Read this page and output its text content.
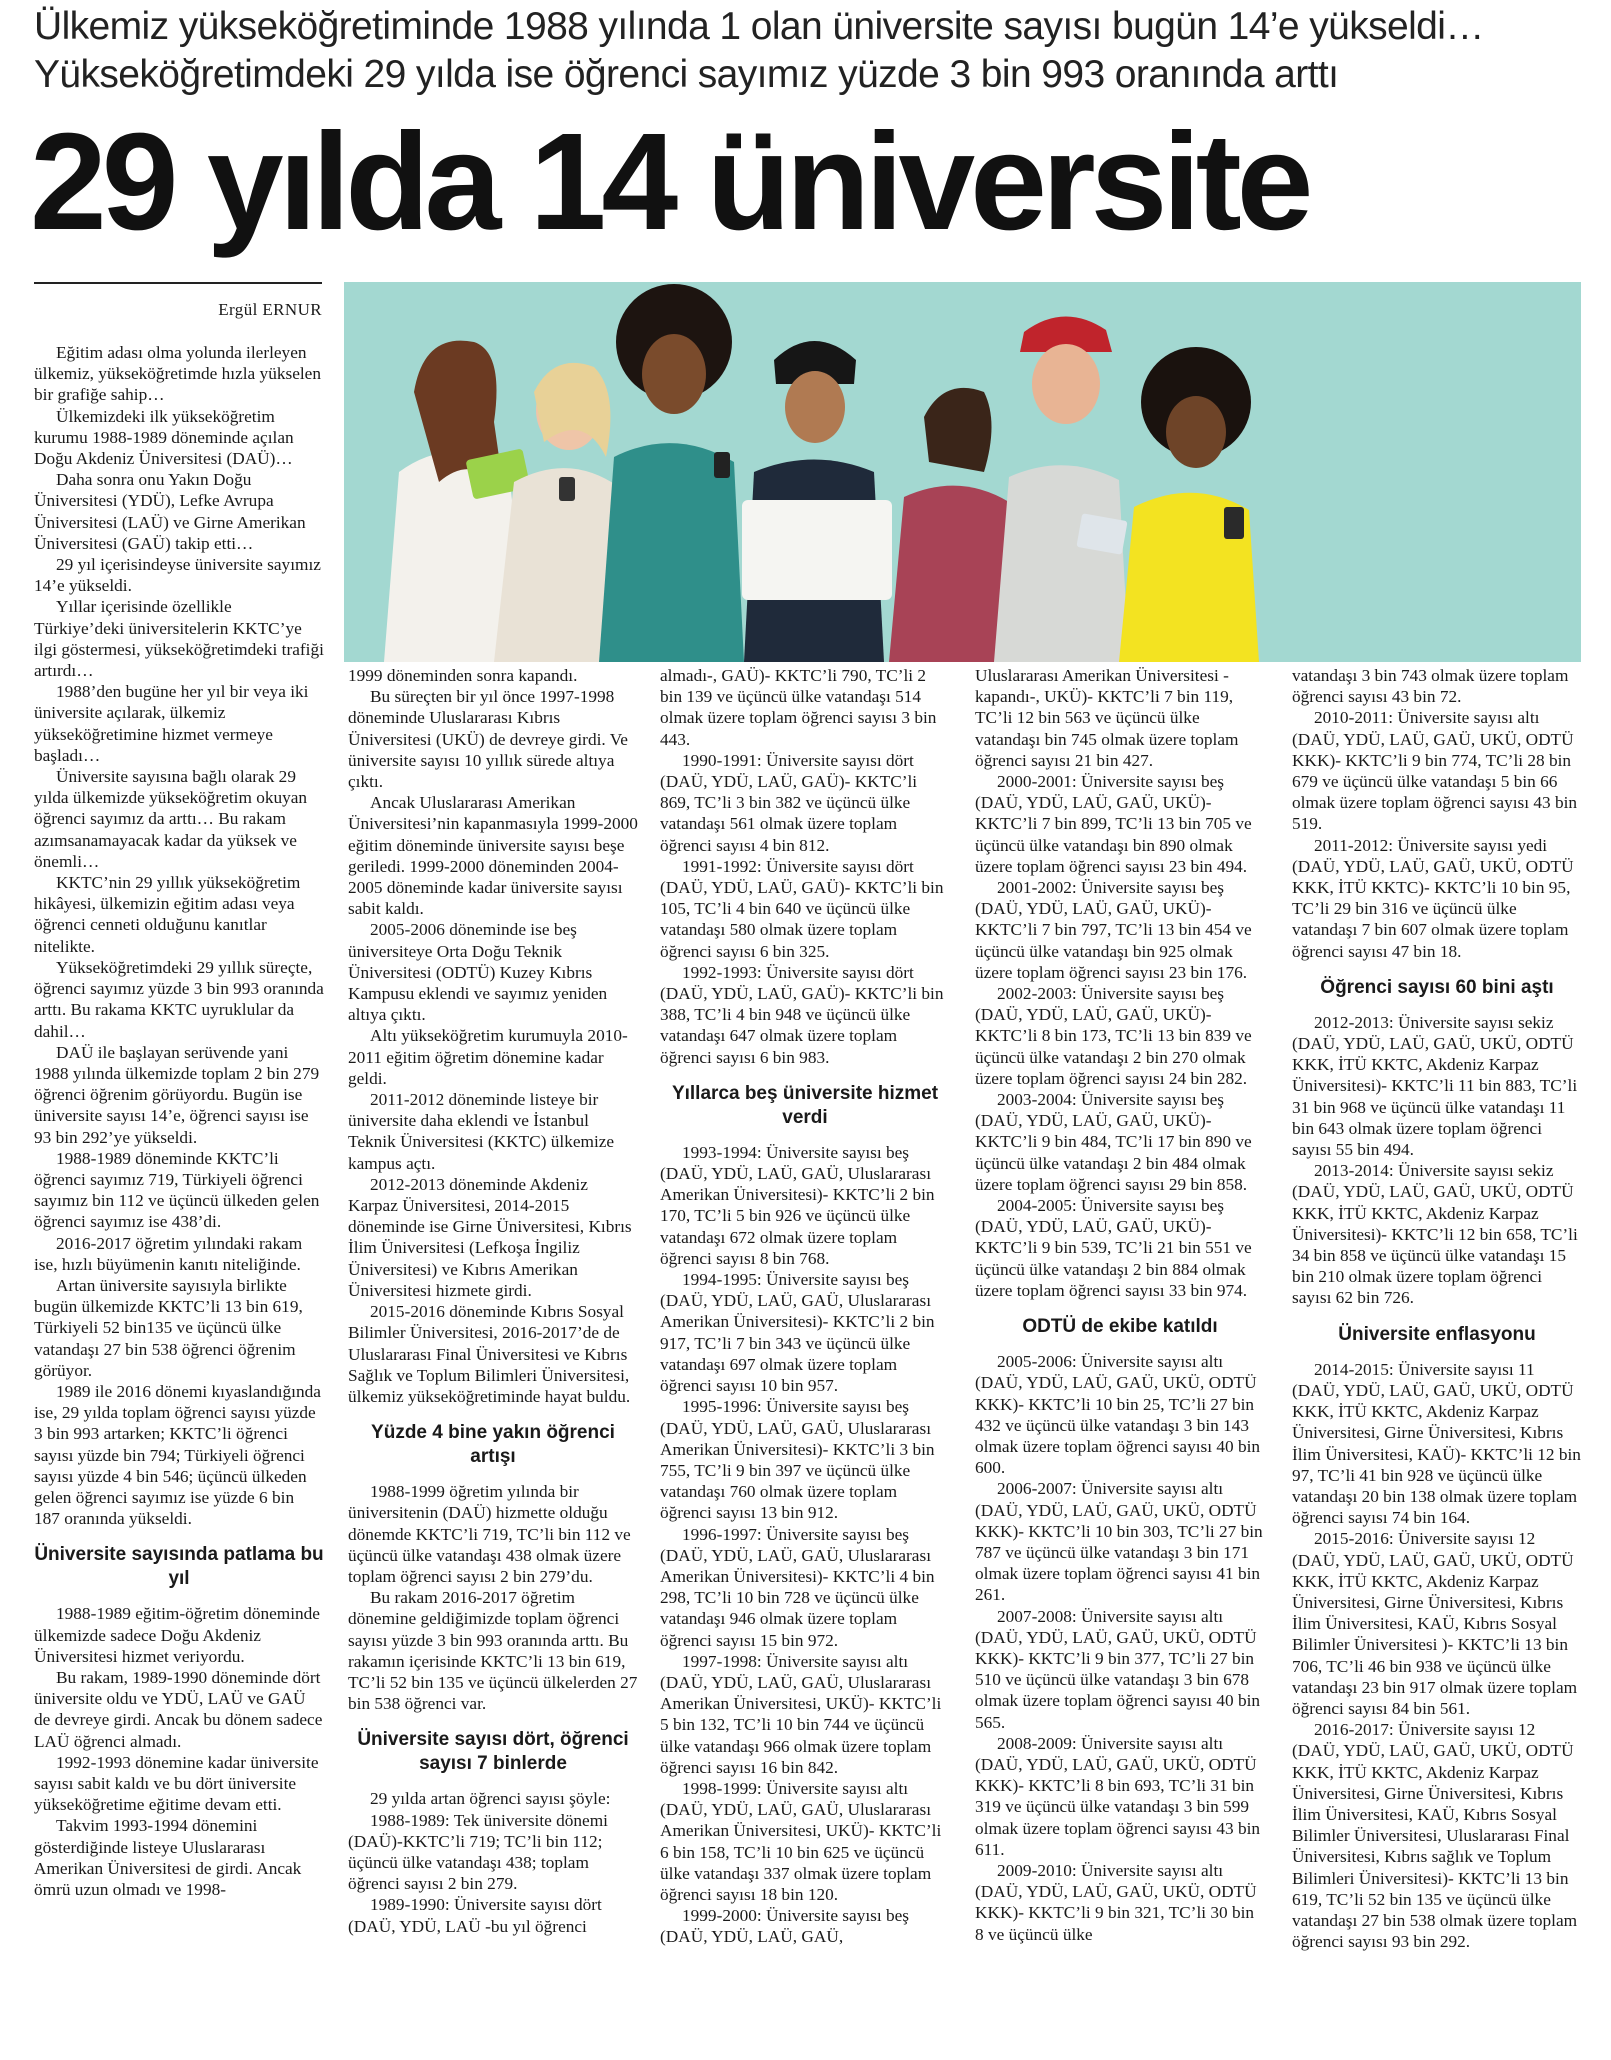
Ülkemiz yükseköğretiminde 1988 yılında 1 olan üniversite sayısı bugün 14’e yükseldi…
Yükseköğretimdeki 29 yılda ise öğrenci sayımız yüzde 3 bin 993 oranında arttı
29 yılda 14 üniversite
Ergül ERNUR

Eğitim adası olma yolunda ilerleyen ülkemiz, yükseköğretimde hızla yükselen bir grafiğe sahip…

Ülkemizdeki ilk yükseköğretim kurumu 1988-1989 döneminde açılan Doğu Akdeniz Üniversitesi (DAÜ)…

Daha sonra onu Yakın Doğu Üniversitesi (YDÜ), Lefke Avrupa Üniversitesi (LAÜ) ve Girne Amerikan Üniversitesi (GAÜ) takip etti…

29 yıl içerisindeyse üniversite sayımız 14’e yükseldi.

Yıllar içerisinde özellikle Türkiye’deki üniversitelerin KKTC’ye ilgi göstermesi, yükseköğretimdeki trafiği artırdı…

1988’den bugüne her yıl bir veya iki üniversite açılarak, ülkemiz yükseköğretimine hizmet vermeye başladı…

Üniversite sayısına bağlı olarak 29 yılda ülkemizde yükseköğretim okuyan öğrenci sayımız da arttı… Bu rakam azımsanamayacak kadar da yüksek ve önemli…

KKTC’nin 29 yıllık yükseköğretim hikâyesi, ülkemizin eğitim adası veya öğrenci cenneti olduğunu kanıtlar nitelikte.

Yükseköğretimdeki 29 yıllık süreçte, öğrenci sayımız yüzde 3 bin 993 oranında arttı. Bu rakama KKTC uyruklular da dahil…

DAÜ ile başlayan serüvende yani 1988 yılında ülkemizde toplam 2 bin 279 öğrenci öğrenim görüyordu. Bugün ise üniversite sayısı 14’e, öğrenci sayısı ise 93 bin 292’ye yükseldi.

1988-1989 döneminde KKTC’li öğrenci sayımız 719, Türkiyeli öğrenci sayımız bin 112 ve üçüncü ülkeden gelen öğrenci sayımız ise 438’di.

2016-2017 öğretim yılındaki rakam ise, hızlı büyümenin kanıtı niteliğinde.

Artan üniversite sayısıyla birlikte bugün ülkemizde KKTC’li 13 bin 619, Türkiyeli 52 bin135 ve üçüncü ülke vatandaşı 27 bin 538 öğrenci öğrenim görüyor.

1989 ile 2016 dönemi kıyaslandığında ise, 29 yılda toplam öğrenci sayısı yüzde 3 bin 993 artarken; KKTC’li öğrenci sayısı yüzde bin 794; Türkiyeli öğrenci sayısı yüzde 4 bin 546; üçüncü ülkeden gelen öğrenci sayımız ise yüzde 6 bin 187 oranında yükseldi.

Üniversite sayısında patlama bu yıl

1988-1989 eğitim-öğretim döneminde ülkemizde sadece Doğu Akdeniz Üniversitesi hizmet veriyordu.

Bu rakam, 1989-1990 döneminde dört üniversite oldu ve YDÜ, LAÜ ve GAÜ de devreye girdi. Ancak bu dönem sadece LAÜ öğrenci almadı.

1992-1993 dönemine kadar üniversite sayısı sabit kaldı ve bu dört üniversite yükseköğretime eğitime devam etti.

Takvim 1993-1994 dönemini gösterdiğinde listeye Uluslararası Amerikan Üniversitesi de girdi. Ancak ömrü uzun olmadı ve 1998-

1999 döneminden sonra kapandı.

Bu süreçten bir yıl önce 1997-1998 döneminde Uluslararası Kıbrıs Üniversitesi (UKÜ) de devreye girdi. Ve üniversite sayısı 10 yıllık sürede altıya çıktı.

Ancak Uluslararası Amerikan Üniversitesi’nin kapanmasıyla 1999-2000 eğitim döneminde üniversite sayısı beşe geriledi. 1999-2000 döneminden 2004-2005 döneminde kadar üniversite sayısı sabit kaldı.

2005-2006 döneminde ise beş üniversiteye Orta Doğu Teknik Üniversitesi (ODTÜ) Kuzey Kıbrıs Kampusu eklendi ve sayımız yeniden altıya çıktı.

Altı yükseköğretim kurumuyla 2010-2011 eğitim öğretim dönemine kadar geldi.

2011-2012 döneminde listeye bir üniversite daha eklendi ve İstanbul Teknik Üniversitesi (KKTC) ülkemize kampus açtı.

2012-2013 döneminde Akdeniz Karpaz Üniversitesi, 2014-2015 döneminde ise Girne Üniversitesi, Kıbrıs İlim Üniversitesi (Lefkoşa İngiliz Üniversitesi) ve Kıbrıs Amerikan Üniversitesi hizmete girdi.

2015-2016 döneminde Kıbrıs Sosyal Bilimler Üniversitesi, 2016-2017’de de Uluslararası Final Üniversitesi ve Kıbrıs Sağlık ve Toplum Bilimleri Üniversitesi, ülkemiz yükseköğretiminde hayat buldu.

Yüzde 4 bine yakın öğrenci artışı

1988-1999 öğretim yılında bir üniversitenin (DAÜ) hizmette olduğu dönemde KKTC’li 719, TC’li bin 112 ve üçüncü ülke vatandaşı 438 olmak üzere toplam öğrenci sayısı 2 bin 279’du.

Bu rakam 2016-2017 öğretim dönemine geldiğimizde toplam öğrenci sayısı yüzde 3 bin 993 oranında arttı. Bu rakamın içerisinde KKTC’li 13 bin 619, TC’li 52 bin 135 ve üçüncü ülkelerden 27 bin 538 öğrenci var.

Üniversite sayısı dört, öğrenci sayısı 7 binlerde

29 yılda artan öğrenci sayısı şöyle:

1988-1989: Tek üniversite dönemi (DAÜ)-KKTC’li 719; TC’li bin 112; üçüncü ülke vatandaşı 438; toplam öğrenci sayısı 2 bin 279.

1989-1990: Üniversite sayısı dört (DAÜ, YDÜ, LAÜ -bu yıl öğrenci

almadı-, GAÜ)- KKTC’li 790, TC’li 2 bin 139 ve üçüncü ülke vatandaşı 514 olmak üzere toplam öğrenci sayısı 3 bin 443.

1990-1991: Üniversite sayısı dört (DAÜ, YDÜ, LAÜ, GAÜ)- KKTC’li 869, TC’li 3 bin 382 ve üçüncü ülke vatandaşı 561 olmak üzere toplam öğrenci sayısı 4 bin 812.

1991-1992: Üniversite sayısı dört (DAÜ, YDÜ, LAÜ, GAÜ)- KKTC’li bin 105, TC’li 4 bin 640 ve üçüncü ülke vatandaşı 580 olmak üzere toplam öğrenci sayısı 6 bin 325.

1992-1993: Üniversite sayısı dört (DAÜ, YDÜ, LAÜ, GAÜ)- KKTC’li bin 388, TC’li 4 bin 948 ve üçüncü ülke vatandaşı 647 olmak üzere toplam öğrenci sayısı 6 bin 983.

Yıllarca beş üniversite hizmet verdi

1993-1994: Üniversite sayısı beş (DAÜ, YDÜ, LAÜ, GAÜ, Uluslararası Amerikan Üniversitesi)- KKTC’li 2 bin 170, TC’li 5 bin 926 ve üçüncü ülke vatandaşı 672 olmak üzere toplam öğrenci sayısı 8 bin 768.

1994-1995: Üniversite sayısı beş (DAÜ, YDÜ, LAÜ, GAÜ, Uluslararası Amerikan Üniversitesi)- KKTC’li 2 bin 917, TC’li 7 bin 343 ve üçüncü ülke vatandaşı 697 olmak üzere toplam öğrenci sayısı 10 bin 957.

1995-1996: Üniversite sayısı beş (DAÜ, YDÜ, LAÜ, GAÜ, Uluslararası Amerikan Üniversitesi)- KKTC’li 3 bin 755, TC’li 9 bin 397 ve üçüncü ülke vatandaşı 760 olmak üzere toplam öğrenci sayısı 13 bin 912.

1996-1997: Üniversite sayısı beş (DAÜ, YDÜ, LAÜ, GAÜ, Uluslararası Amerikan Üniversitesi)- KKTC’li 4 bin 298, TC’li 10 bin 728 ve üçüncü ülke vatandaşı 946 olmak üzere toplam öğrenci sayısı 15 bin 972.

1997-1998: Üniversite sayısı altı (DAÜ, YDÜ, LAÜ, GAÜ, Uluslararası Amerikan Üniversitesi, UKÜ)- KKTC’li 5 bin 132, TC’li 10 bin 744 ve üçüncü ülke vatandaşı 966 olmak üzere toplam öğrenci sayısı 16 bin 842.

1998-1999: Üniversite sayısı altı (DAÜ, YDÜ, LAÜ, GAÜ, Uluslararası Amerikan Üniversitesi, UKÜ)- KKTC’li 6 bin 158, TC’li 10 bin 625 ve üçüncü ülke vatandaşı 337 olmak üzere toplam öğrenci sayısı 18 bin 120.

1999-2000: Üniversite sayısı beş (DAÜ, YDÜ, LAÜ, GAÜ,

Uluslararası Amerikan Üniversitesi -kapandı-, UKÜ)- KKTC’li 7 bin 119, TC’li 12 bin 563 ve üçüncü ülke vatandaşı bin 745 olmak üzere toplam öğrenci sayısı 21 bin 427.

2000-2001: Üniversite sayısı beş (DAÜ, YDÜ, LAÜ, GAÜ, UKÜ)- KKTC’li 7 bin 899, TC’li 13 bin 705 ve üçüncü ülke vatandaşı bin 890 olmak üzere toplam öğrenci sayısı 23 bin 494.

2001-2002: Üniversite sayısı beş (DAÜ, YDÜ, LAÜ, GAÜ, UKÜ)- KKTC’li 7 bin 797, TC’li 13 bin 454 ve üçüncü ülke vatandaşı bin 925 olmak üzere toplam öğrenci sayısı 23 bin 176.

2002-2003: Üniversite sayısı beş (DAÜ, YDÜ, LAÜ, GAÜ, UKÜ)- KKTC’li 8 bin 173, TC’li 13 bin 839 ve üçüncü ülke vatandaşı 2 bin 270 olmak üzere toplam öğrenci sayısı 24 bin 282.

2003-2004: Üniversite sayısı beş (DAÜ, YDÜ, LAÜ, GAÜ, UKÜ)- KKTC’li 9 bin 484, TC’li 17 bin 890 ve üçüncü ülke vatandaşı 2 bin 484 olmak üzere toplam öğrenci sayısı 29 bin 858.

2004-2005: Üniversite sayısı beş (DAÜ, YDÜ, LAÜ, GAÜ, UKÜ)- KKTC’li 9 bin 539, TC’li 21 bin 551 ve üçüncü ülke vatandaşı 2 bin 884 olmak üzere toplam öğrenci sayısı 33 bin 974.

ODTÜ de ekibe katıldı

2005-2006: Üniversite sayısı altı (DAÜ, YDÜ, LAÜ, GAÜ, UKÜ, ODTÜ KKK)- KKTC’li 10 bin 25, TC’li 27 bin 432 ve üçüncü ülke vatandaşı 3 bin 143 olmak üzere toplam öğrenci sayısı 40 bin 600.

2006-2007: Üniversite sayısı altı (DAÜ, YDÜ, LAÜ, GAÜ, UKÜ, ODTÜ KKK)- KKTC’li 10 bin 303, TC’li 27 bin 787 ve üçüncü ülke vatandaşı 3 bin 171 olmak üzere toplam öğrenci sayısı 41 bin 261.

2007-2008: Üniversite sayısı altı (DAÜ, YDÜ, LAÜ, GAÜ, UKÜ, ODTÜ KKK)- KKTC’li 9 bin 377, TC’li 27 bin 510 ve üçüncü ülke vatandaşı 3 bin 678 olmak üzere toplam öğrenci sayısı 40 bin 565.

2008-2009: Üniversite sayısı altı (DAÜ, YDÜ, LAÜ, GAÜ, UKÜ, ODTÜ KKK)- KKTC’li 8 bin 693, TC’li 31 bin 319 ve üçüncü ülke vatandaşı 3 bin 599 olmak üzere toplam öğrenci sayısı 43 bin 611.

2009-2010: Üniversite sayısı altı (DAÜ, YDÜ, LAÜ, GAÜ, UKÜ, ODTÜ KKK)- KKTC’li 9 bin 321, TC’li 30 bin 8 ve üçüncü ülke

vatandaşı 3 bin 743 olmak üzere toplam öğrenci sayısı 43 bin 72.

2010-2011: Üniversite sayısı altı (DAÜ, YDÜ, LAÜ, GAÜ, UKÜ, ODTÜ KKK)- KKTC’li 9 bin 774, TC’li 28 bin 679 ve üçüncü ülke vatandaşı 5 bin 66 olmak üzere toplam öğrenci sayısı 43 bin 519.

2011-2012: Üniversite sayısı yedi (DAÜ, YDÜ, LAÜ, GAÜ, UKÜ, ODTÜ KKK, İTÜ KKTC)- KKTC’li 10 bin 95, TC’li 29 bin 316 ve üçüncü ülke vatandaşı 7 bin 607 olmak üzere toplam öğrenci sayısı 47 bin 18.

Öğrenci sayısı 60 bini aştı

2012-2013: Üniversite sayısı sekiz (DAÜ, YDÜ, LAÜ, GAÜ, UKÜ, ODTÜ KKK, İTÜ KKTC, Akdeniz Karpaz Üniversitesi)- KKTC’li 11 bin 883, TC’li 31 bin 968 ve üçüncü ülke vatandaşı 11 bin 643 olmak üzere toplam öğrenci sayısı 55 bin 494.

2013-2014: Üniversite sayısı sekiz (DAÜ, YDÜ, LAÜ, GAÜ, UKÜ, ODTÜ KKK, İTÜ KKTC, Akdeniz Karpaz Üniversitesi)- KKTC’li 12 bin 658, TC’li 34 bin 858 ve üçüncü ülke vatandaşı 15 bin 210 olmak üzere toplam öğrenci sayısı 62 bin 726.

Üniversite enflasyonu

2014-2015: Üniversite sayısı 11 (DAÜ, YDÜ, LAÜ, GAÜ, UKÜ, ODTÜ KKK, İTÜ KKTC, Akdeniz Karpaz Üniversitesi, Girne Üniversitesi, Kıbrıs İlim Üniversitesi, KAÜ)- KKTC’li 12 bin 97, TC’li 41 bin 928 ve üçüncü ülke vatandaşı 20 bin 138 olmak üzere toplam öğrenci sayısı 74 bin 164.

2015-2016: Üniversite sayısı 12 (DAÜ, YDÜ, LAÜ, GAÜ, UKÜ, ODTÜ KKK, İTÜ KKTC, Akdeniz Karpaz Üniversitesi, Girne Üniversitesi, Kıbrıs İlim Üniversitesi, KAÜ, Kıbrıs Sosyal Bilimler Üniversitesi )- KKTC’li 13 bin 706, TC’li 46 bin 938 ve üçüncü ülke vatandaşı 23 bin 917 olmak üzere toplam öğrenci sayısı 84 bin 561.

2016-2017: Üniversite sayısı 12 (DAÜ, YDÜ, LAÜ, GAÜ, UKÜ, ODTÜ KKK, İTÜ KKTC, Akdeniz Karpaz Üniversitesi, Girne Üniversitesi, Kıbrıs İlim Üniversitesi, KAÜ, Kıbrıs Sosyal Bilimler Üniversitesi, Uluslararası Final Üniversitesi, Kıbrıs sağlık ve Toplum Bilimleri Üniversitesi)- KKTC’li 13 bin 619, TC’li 52 bin 135 ve üçüncü ülke vatandaşı 27 bin 538 olmak üzere toplam öğrenci sayısı 93 bin 292.
